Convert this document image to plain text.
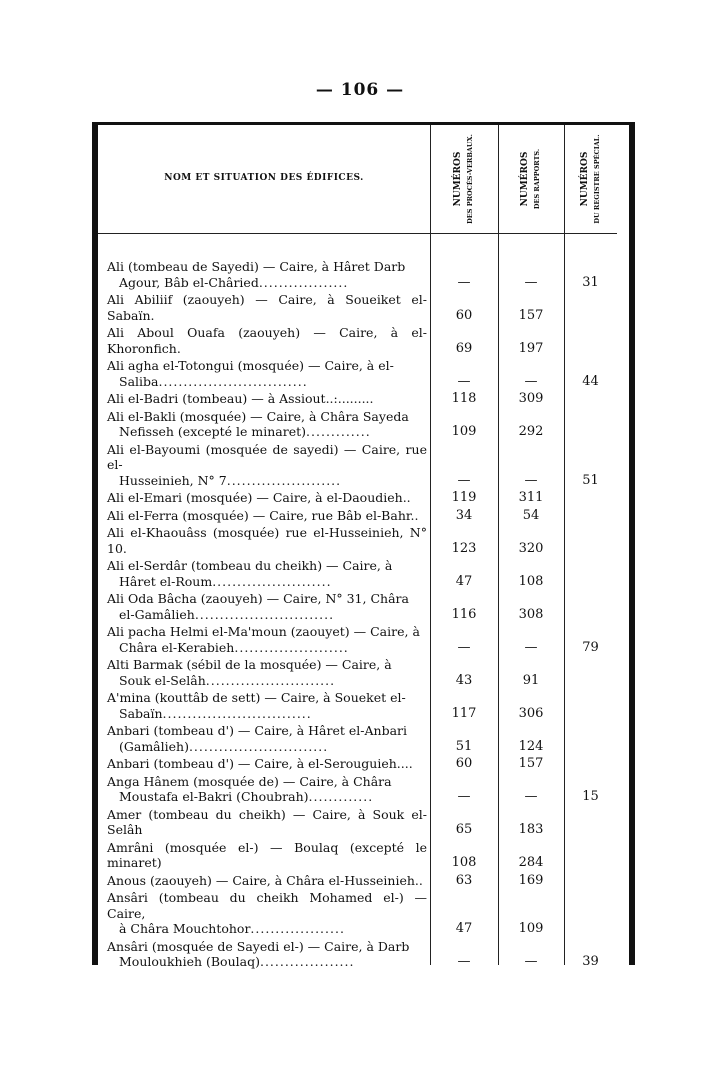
— 106 —
NOM ET SITUATION DES ÉDIFICES.	NUMÉROS DES PROCÈS-VERBAUX.	NUMÉROS DES RAPPORTS.	NUMÉROS DU REGISTRE SPÉCIAL.
Ali (tombeau de Sayedi) — Caire, à Hâret Darb
Agour, Bâb el-Châried..................	—	—	31
Ali Abiliif (zaouyeh) — Caire, à Soueiket el-Sabaïn.	60	157
Ali Aboul Ouafa (zaouyeh) — Caire, à el-Khoronfich.	69	197
Ali agha el-Totongui (mosquée) — Caire, à el-
Saliba..............................	—	—	44
Ali el-Badri (tombeau) — à Assiout..:.........	118	309
Ali el-Bakli (mosquée) — Caire, à Châra Sayeda
Nefisseh (excepté le minaret).............	109	292
Ali el-Bayoumi (mosquée de sayedi) — Caire, rue el-
Husseinieh, N° 7.......................	—	—	51
Ali el-Emari (mosquée) — Caire, à el-Daoudieh..	119	311
Ali el-Ferra (mosquée) — Caire, rue Bâb el-Bahr..	34	54
Ali el-Khaouâss (mosquée) rue el-Husseinieh, N° 10.	123	320
Ali el-Serdâr (tombeau du cheikh) — Caire, à
Hâret el-Roum........................	47	108
Ali Oda Bâcha (zaouyeh) — Caire, N° 31, Châra
el-Gamâlieh............................	116	308
Ali pacha Helmi el-Ma'moun (zaouyet) — Caire, à
Châra el-Kerabieh.......................	—	—	79
Alti Barmak (sébil de la mosquée) — Caire, à
Souk el-Selâh..........................	43	91
A'mina (kouttâb de sett) — Caire, à Soueket el-
Sabaïn..............................	117	306
Anbari (tombeau d') — Caire, à Hâret el-Anbari
(Gamâlieh)............................	51	124
Anbari (tombeau d') — Caire, à el-Serouguieh....	60	157
Anga Hânem (mosquée de) — Caire, à Châra
Moustafa el-Bakri (Choubrah).............	—	—	15
Amer (tombeau du cheikh) — Caire, à Souk el-Selâh	65	183
Amrâni (mosquée el-) — Boulaq (excepté le minaret)	108	284
Anous (zaouyeh) — Caire, à Châra el-Husseinieh..	63	169
Ansâri (tombeau du cheikh Mohamed el-) — Caire,
à Châra Mouchtohor...................	47	109
Ansâri (mosquée de Sayedi el-) — Caire, à Darb
Mouloukhieh (Boulaq)...................	—	—	39
